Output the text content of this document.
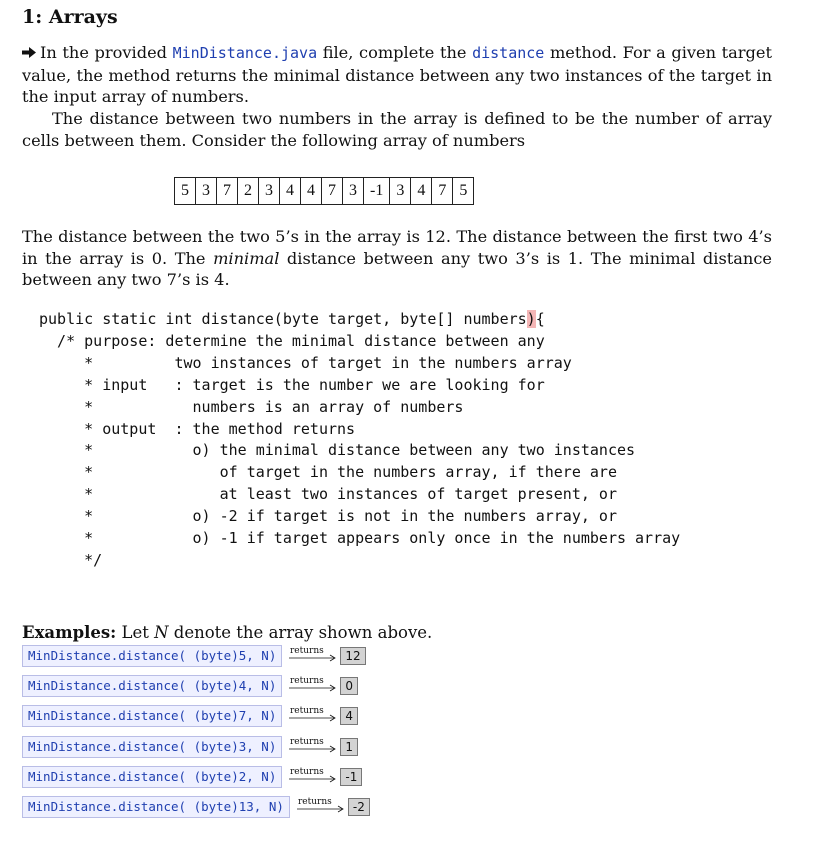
1: Arrays

In the provided MinDistance.java file, complete the distance method. For a given target value, the method returns the minimal distance between any two instances of the target in the input array of numbers.

The distance between two numbers in the array is defined to be the number of array cells between them. Consider the following array of numbers

5	3	7	2	3	4	4	7	3	-1	3	4	7	5

The distance between the two 5’s in the array is 12. The distance between the first two 4’s in the array is 0. The minimal distance between any two 3’s is 1. The minimal distance between any two 7’s is 4.

public static int distance(byte target, byte[] numbers){
/* purpose: determine the minimal distance between any
*         two instances of target in the numbers array
* input   : target is the number we are looking for
*           numbers is an array of numbers
* output  : the method returns
*           o) the minimal distance between any two instances
*              of target in the numbers array, if there are
*              at least two instances of target present, or
*           o) -2 if target is not in the numbers array, or
*           o) -1 if target appears only once in the numbers array
*/

Examples: Let N denote the array shown above.

MinDistance.distance( (byte)5, N)	returns	12
MinDistance.distance( (byte)4, N)	returns	0
MinDistance.distance( (byte)7, N)	returns	4
MinDistance.distance( (byte)3, N)	returns	1
MinDistance.distance( (byte)2, N)	returns	-1
MinDistance.distance( (byte)13, N)	returns	-2
